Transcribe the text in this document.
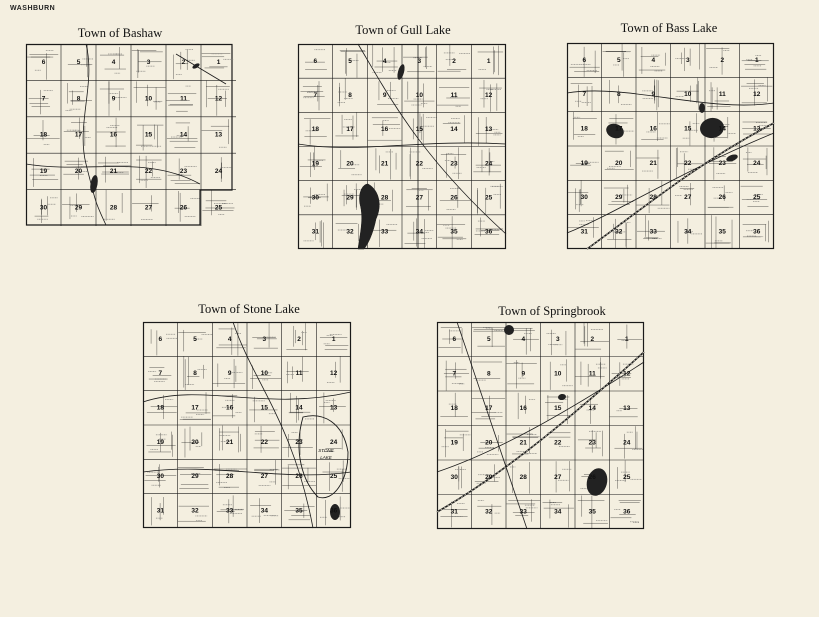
WASHBURN
Town of Bashaw	Town of Gull Lake	Town of Bass Lake
Town of Stone Lake	Town of Springbrook
6	5	4	3	2	1
7	8	9	10	11	12
18	17	16	15	14	13
19	20	21	22	23	24
30	29	28	27	26	25
6	5	4	3	2	1
7	8	9	10	11	12
18	17	16	15	14	13
19	20	21	22	23	24
30	29	28	27	26	25
31	32	33	34	35	36
6	5	4	3	2	1
7	8	9	10	11	12
18	17	16	15	14	13
19	20	21	22	23	24
30	29	28	27	26	25
31	32	33	34	35	36
6	5	4	3	2	1
7	8	9	10	11	12
18	17	16	15	14	13
19	20	21	22	23	24
30	29	28	27	26	25
31	32	33	34	35	36
STONE
LAKE
6	5	4	3	2	1
7	8	9	10	11	12
18	17	16	15	14	13
19	20	21	22	23	24
30	29	28	27	26	25
31	32	33	34	35	36
